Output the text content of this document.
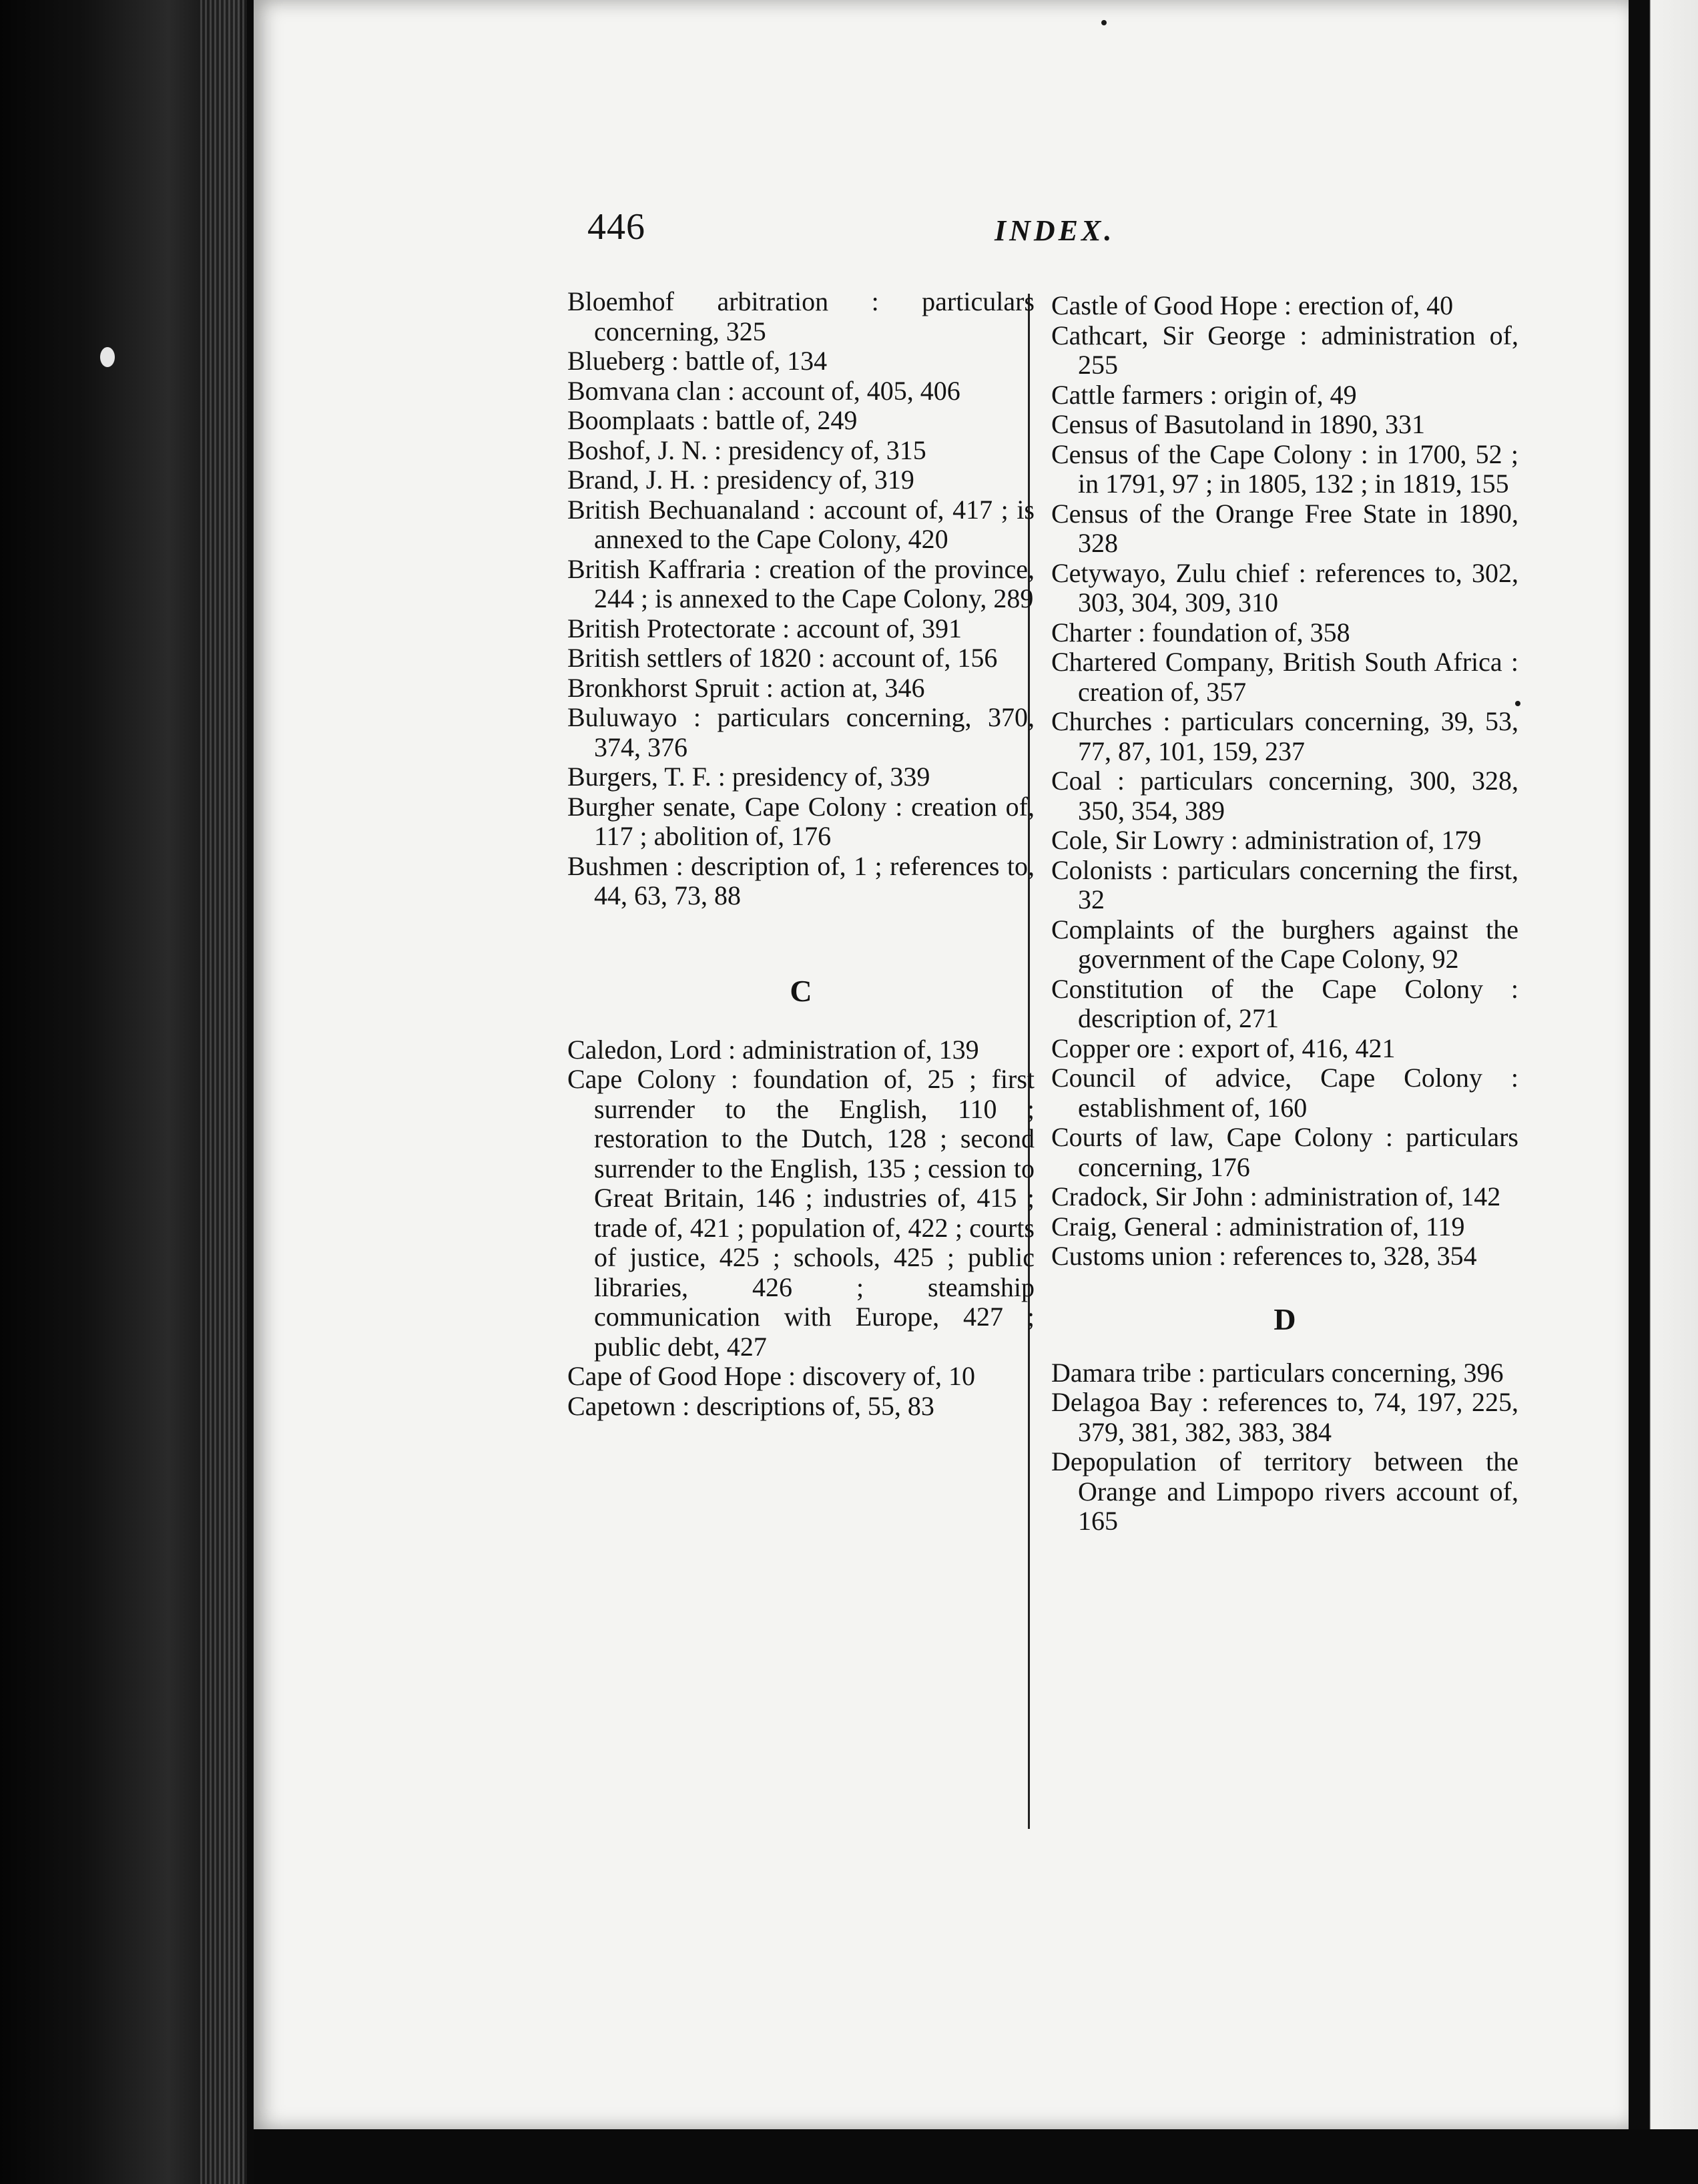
446	INDEX.

Bloemhof arbitration : particulars concerning, 325

Blueberg : battle of, 134

Bomvana clan : account of, 405, 406

Boomplaats : battle of, 249

Boshof, J. N. : presidency of, 315

Brand, J. H. : presidency of, 319

British Bechuanaland : account of, 417 ; is annexed to the Cape Colony, 420

British Kaffraria : creation of the province, 244 ; is annexed to the Cape Colony, 289

British Protectorate : account of, 391

British settlers of 1820 : account of, 156

Bronkhorst Spruit : action at, 346

Buluwayo : particulars concerning, 370, 374, 376

Burgers, T. F. : presidency of, 339

Burgher senate, Cape Colony : creation of, 117 ; abolition of, 176

Bushmen : description of, 1 ; references to, 44, 63, 73, 88

C

Caledon, Lord : administration of, 139

Cape Colony : foundation of, 25 ; first surrender to the English, 110 ; restoration to the Dutch, 128 ; second surrender to the English, 135 ; cession to Great Britain, 146 ; industries of, 415 ; trade of, 421 ; population of, 422 ; courts of justice, 425 ; schools, 425 ; public libraries, 426 ; steamship communication with Europe, 427 ; public debt, 427

Cape of Good Hope : discovery of, 10

Capetown : descriptions of, 55, 83

Castle of Good Hope : erection of, 40

Cathcart, Sir George : administration of, 255

Cattle farmers : origin of, 49

Census of Basutoland in 1890, 331

Census of the Cape Colony : in 1700, 52 ; in 1791, 97 ; in 1805, 132 ; in 1819, 155

Census of the Orange Free State in 1890, 328

Cetywayo, Zulu chief : references to, 302, 303, 304, 309, 310

Charter : foundation of, 358

Chartered Company, British South Africa : creation of, 357

Churches : particulars concerning, 39, 53, 77, 87, 101, 159, 237

Coal : particulars concerning, 300, 328, 350, 354, 389

Cole, Sir Lowry : administration of, 179

Colonists : particulars concerning the first, 32

Complaints of the burghers against the government of the Cape Colony, 92

Constitution of the Cape Colony : description of, 271

Copper ore : export of, 416, 421

Council of advice, Cape Colony : establishment of, 160

Courts of law, Cape Colony : particulars concerning, 176

Cradock, Sir John : administration of, 142

Craig, General : administration of, 119

Customs union : references to, 328, 354

D

Damara tribe : particulars concerning, 396

Delagoa Bay : references to, 74, 197, 225, 379, 381, 382, 383, 384

Depopulation of territory between the Orange and Limpopo rivers account of, 165
